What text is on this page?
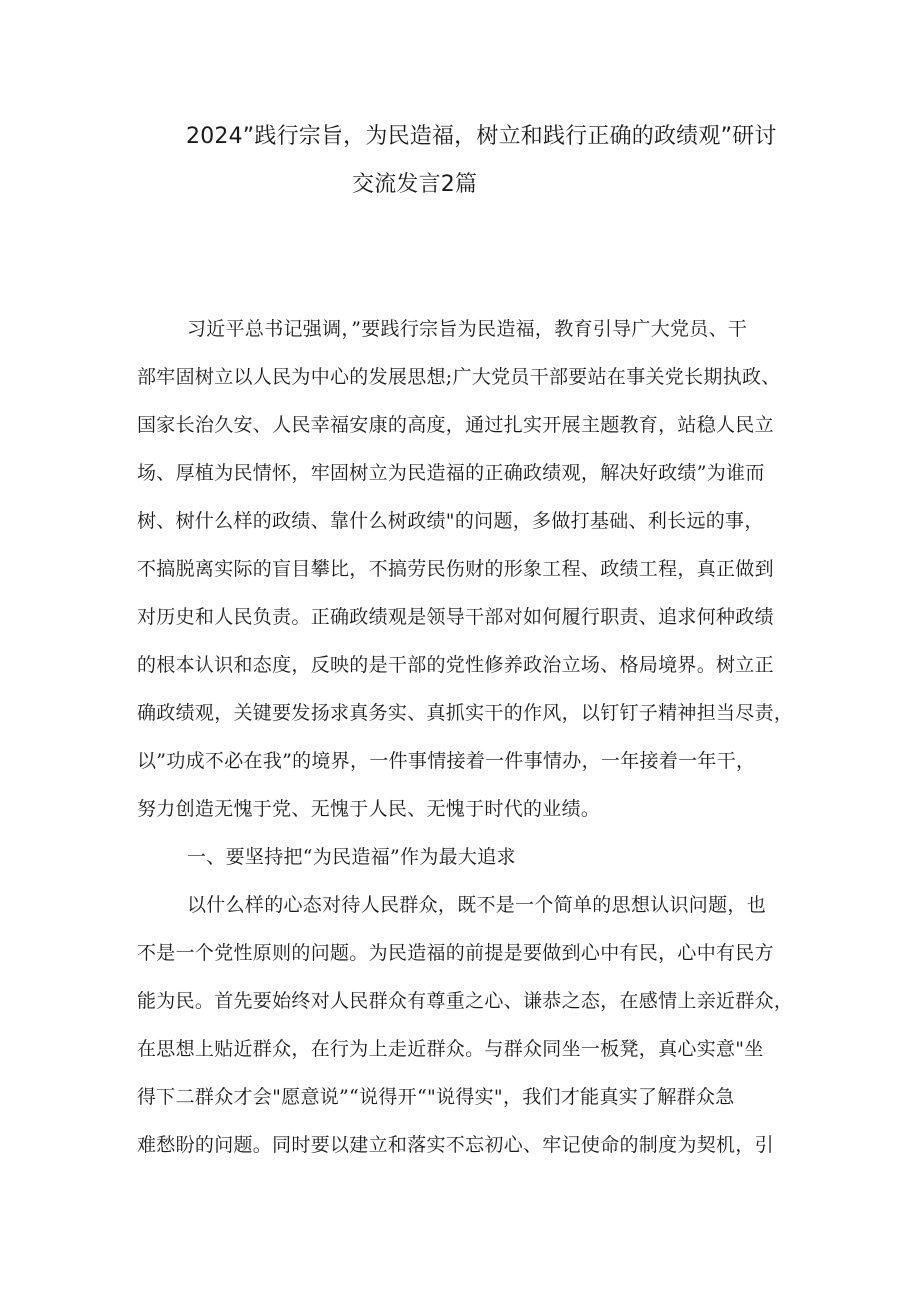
2024”践行宗旨，为民造福，树立和践行正确的政绩观”研讨
交流发言2篇
习近平总书记强调，”要践行宗旨为民造福，教育引导广大党员、干
部牢固树立以人民为中心的发展思想;广大党员干部要站在事关党长期执政、
国家长治久安、人民幸福安康的高度，通过扎实开展主题教育，站稳人民立
场、厚植为民情怀，牢固树立为民造福的正确政绩观，解决好政绩”为谁而
树、树什么样的政绩、靠什么树政绩"的问题，多做打基础、利长远的事，
不搞脱离实际的盲目攀比，不搞劳民伤财的形象工程、政绩工程，真正做到
对历史和人民负责。正确政绩观是领导干部对如何履行职责、追求何种政绩
的根本认识和态度，反映的是干部的党性修养政治立场、格局境界。树立正
确政绩观，关键要发扬求真务实、真抓实干的作风，以钉钉子精神担当尽责，
以”功成不必在我”的境界，一件事情接着一件事情办，一年接着一年干，
努力创造无愧于党、无愧于人民、无愧于时代的业绩。
一、要坚持把“为民造福”作为最大追求
以什么样的心态对待人民群众，既不是一个简单的思想认识问题，也
不是一个党性原则的问题。为民造福的前提是要做到心中有民，心中有民方
能为民。首先要始终对人民群众有尊重之心、谦恭之态，在感情上亲近群众，
在思想上贴近群众，在行为上走近群众。与群众同坐一板凳，真心实意"坐
得下二群众才会"愿意说”“说得开“"说得实"，我们才能真实了解群众急
难愁盼的问题。同时要以建立和落实不忘初心、牢记使命的制度为契机，引
